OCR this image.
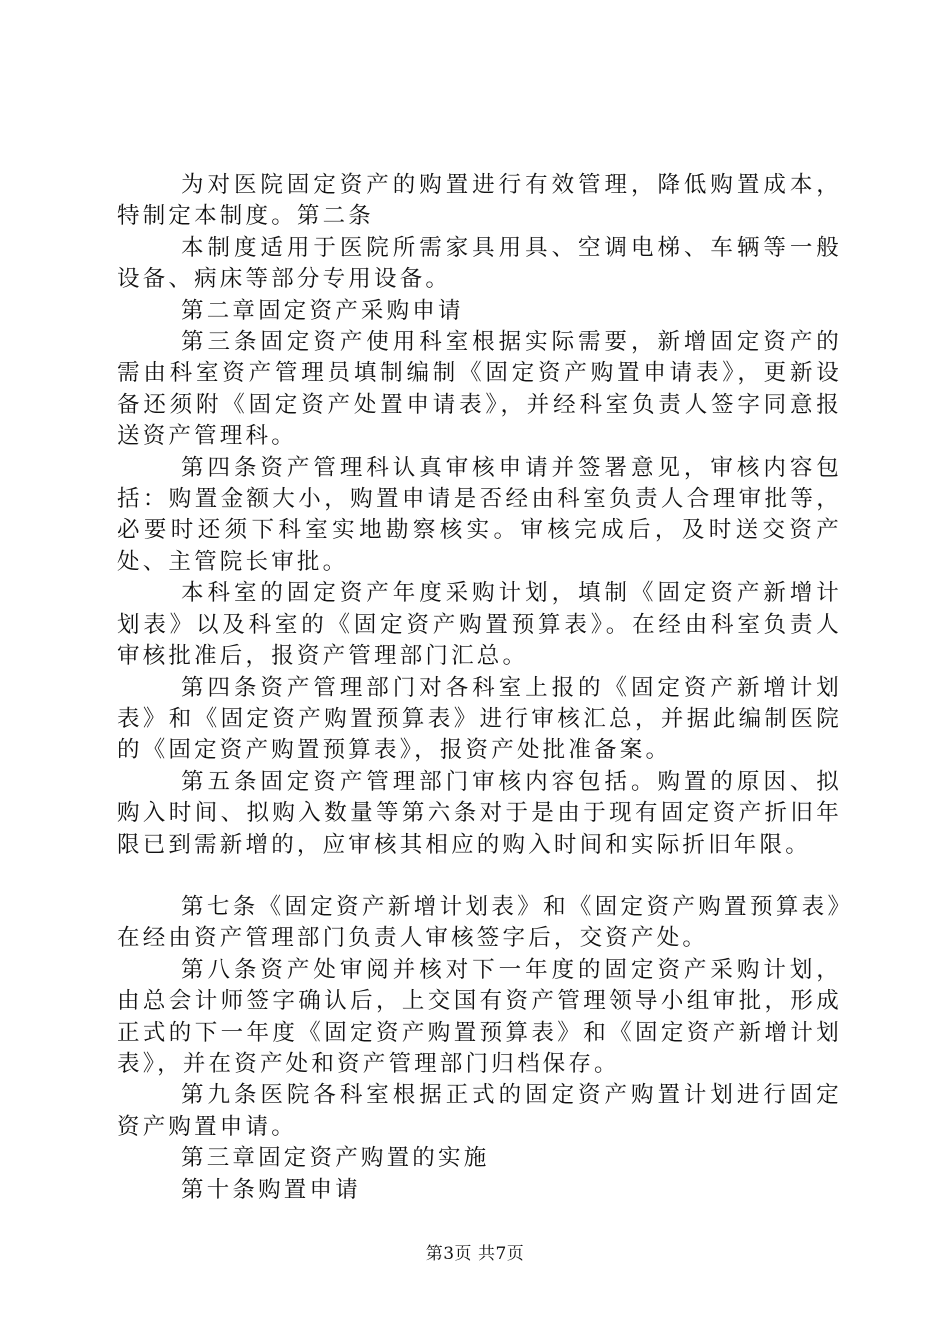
为对医院固定资产的购置进行有效管理，降低购置成本，特制定本制度。第二条

本制度适用于医院所需家具用具、空调电梯、车辆等一般设备、病床等部分专用设备。

第二章固定资产采购申请

第三条固定资产使用科室根据实际需要，新增固定资产的需由科室资产管理员填制编制《固定资产购置申请表》，更新设备还须附《固定资产处置申请表》，并经科室负责人签字同意报送资产管理科。

第四条资产管理科认真审核申请并签署意见，审核内容包括：购置金额大小，购置申请是否经由科室负责人合理审批等，必要时还须下科室实地勘察核实。审核完成后，及时送交资产处、主管院长审批。

本科室的固定资产年度采购计划，填制《固定资产新增计划表》以及科室的《固定资产购置预算表》。在经由科室负责人审核批准后，报资产管理部门汇总。

第四条资产管理部门对各科室上报的《固定资产新增计划表》和《固定资产购置预算表》进行审核汇总，并据此编制医院的《固定资产购置预算表》，报资产处批准备案。

第五条固定资产管理部门审核内容包括。购置的原因、拟购入时间、拟购入数量等第六条对于是由于现有固定资产折旧年限已到需新增的，应审核其相应的购入时间和实际折旧年限。

第七条《固定资产新增计划表》和《固定资产购置预算表》在经由资产管理部门负责人审核签字后，交资产处。

第八条资产处审阅并核对下一年度的固定资产采购计划，由总会计师签字确认后，上交国有资产管理领导小组审批，形成正式的下一年度《固定资产购置预算表》和《固定资产新增计划表》，并在资产处和资产管理部门归档保存。

第九条医院各科室根据正式的固定资产购置计划进行固定资产购置申请。

第三章固定资产购置的实施

第十条购置申请

第3页 共7页
